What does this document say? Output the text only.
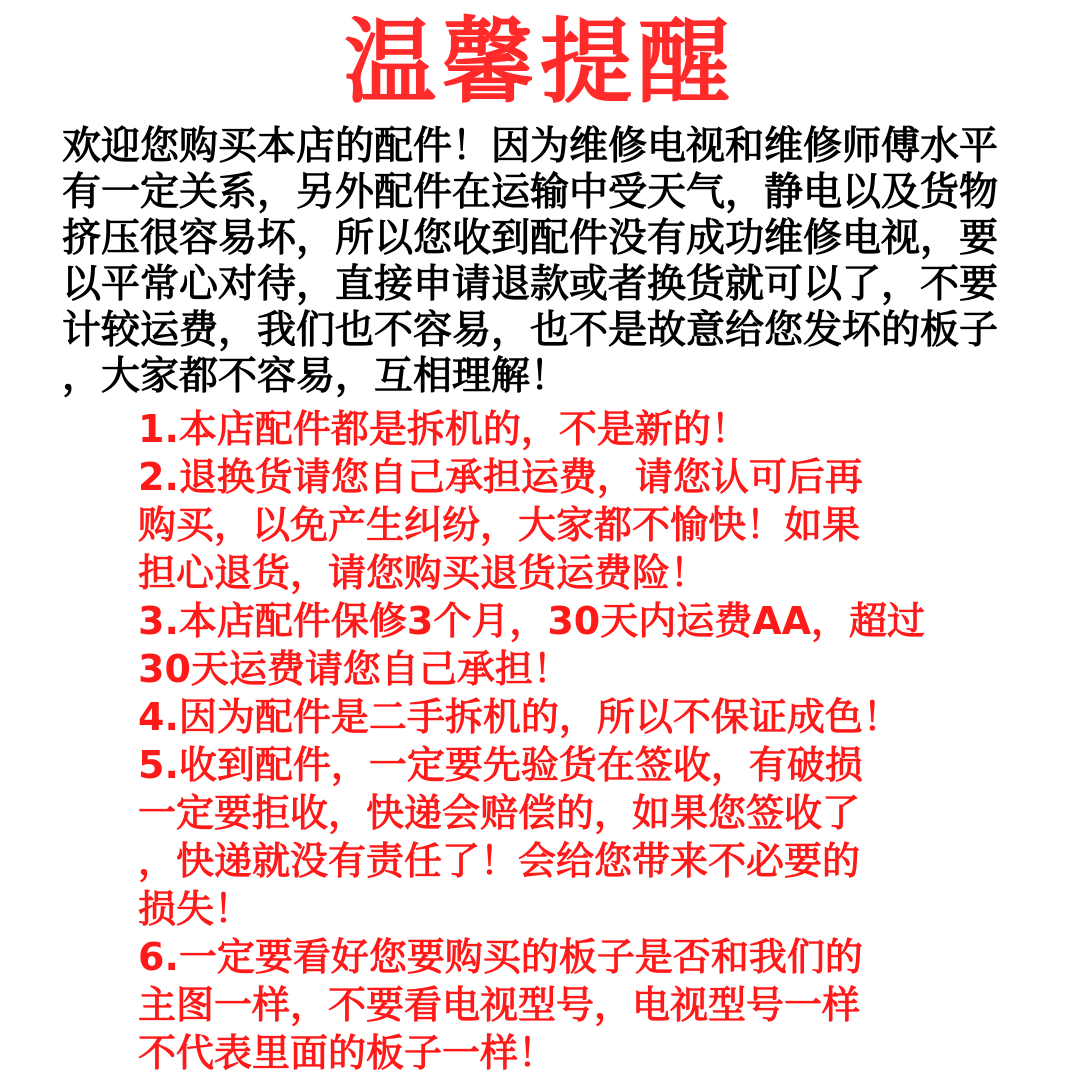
温馨提醒
欢迎您购买本店的配件！因为维修电视和维修师傅水平
有一定关系，另外配件在运输中受天气，静电以及货物
挤压很容易坏，所以您收到配件没有成功维修电视，要
以平常心对待，直接申请退款或者换货就可以了，不要
计较运费，我们也不容易，也不是故意给您发坏的板子
，大家都不容易，互相理解！
1.本店配件都是拆机的，不是新的！
2.退换货请您自己承担运费，请您认可后再
购买，以免产生纠纷，大家都不愉快！如果
担心退货，请您购买退货运费险！
3.本店配件保修3个月，30天内运费AA，超过
30天运费请您自己承担！
4.因为配件是二手拆机的，所以不保证成色！
5.收到配件，一定要先验货在签收，有破损
一定要拒收，快递会赔偿的，如果您签收了
，快递就没有责任了！会给您带来不必要的
损失！
6.一定要看好您要购买的板子是否和我们的
主图一样，不要看电视型号，电视型号一样
不代表里面的板子一样！
